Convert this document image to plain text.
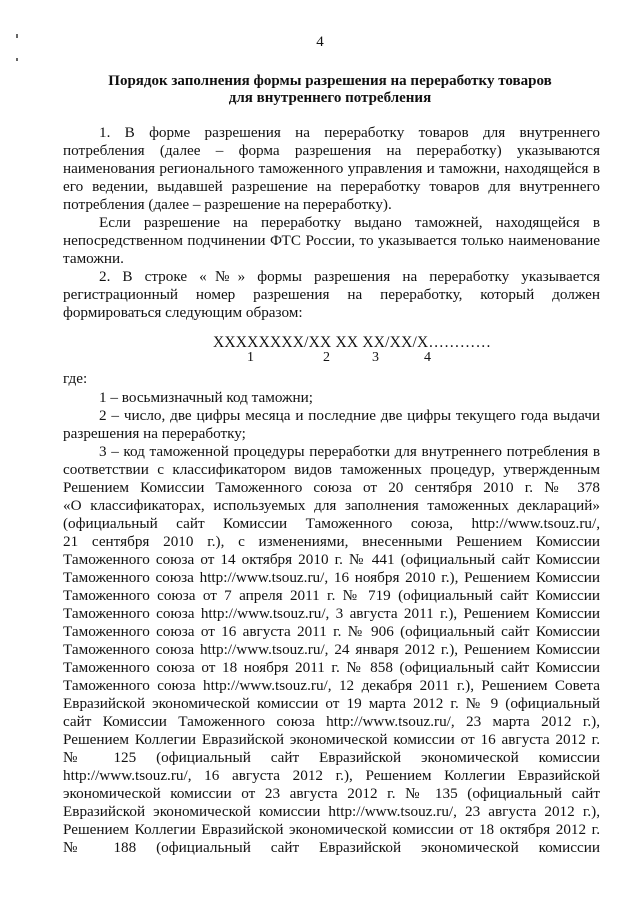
4
Порядок заполнения формы разрешения на переработку товаров
для внутреннего потребления
1. В форме разрешения на переработку товаров для внутреннего
потребления (далее – форма разрешения на переработку) указываются
наименования регионального таможенного управления и таможни, находящейся в
его ведении, выдавшей разрешение на переработку товаров для внутреннего
потребления (далее – разрешение на переработку).
Если разрешение на переработку выдано таможней, находящейся в
непосредственном подчинении ФТС России, то указывается только наименование
таможни.
2. В строке «№» формы разрешения на переработку указывается
регистрационный номер разрешения на переработку, который должен
формироваться следующим образом:
XXXXXXXX/XX XX XX/XX/X…………
1	2	3	4
где:
1 – восьмизначный код таможни;
2 – число, две цифры месяца и последние две цифры текущего года выдачи
разрешения на переработку;
3 – код таможенной процедуры переработки для внутреннего потребления в
соответствии с классификатором видов таможенных процедур, утвержденным
Решением Комиссии Таможенного союза от 20 сентября 2010 г. № 378
«О классификаторах, используемых для заполнения таможенных деклараций»
(официальный сайт Комиссии Таможенного союза, http://www.tsouz.ru/,
21 сентября 2010 г.), с изменениями, внесенными Решением Комиссии
Таможенного союза от 14 октября 2010 г. № 441 (официальный сайт Комиссии
Таможенного союза http://www.tsouz.ru/, 16 ноября 2010 г.), Решением Комиссии
Таможенного союза от 7 апреля 2011 г. № 719 (официальный сайт Комиссии
Таможенного союза http://www.tsouz.ru/, 3 августа 2011 г.), Решением Комиссии
Таможенного союза от 16 августа 2011 г. № 906 (официальный сайт Комиссии
Таможенного союза http://www.tsouz.ru/, 24 января 2012 г.), Решением Комиссии
Таможенного союза от 18 ноября 2011 г. № 858 (официальный сайт Комиссии
Таможенного союза http://www.tsouz.ru/, 12 декабря 2011 г.), Решением Совета
Евразийской экономической комиссии от 19 марта 2012 г. № 9 (официальный
сайт Комиссии Таможенного союза http://www.tsouz.ru/, 23 марта 2012 г.),
Решением Коллегии Евразийской экономической комиссии от 16 августа 2012 г.
№ 125 (официальный сайт Евразийской экономической комиссии
http://www.tsouz.ru/, 16 августа 2012 г.), Решением Коллегии Евразийской
экономической комиссии от 23 августа 2012 г. № 135 (официальный сайт
Евразийской экономической комиссии http://www.tsouz.ru/, 23 августа 2012 г.),
Решением Коллегии Евразийской экономической комиссии от 18 октября 2012 г.
№ 188 (официальный сайт Евразийской экономической комиссии
